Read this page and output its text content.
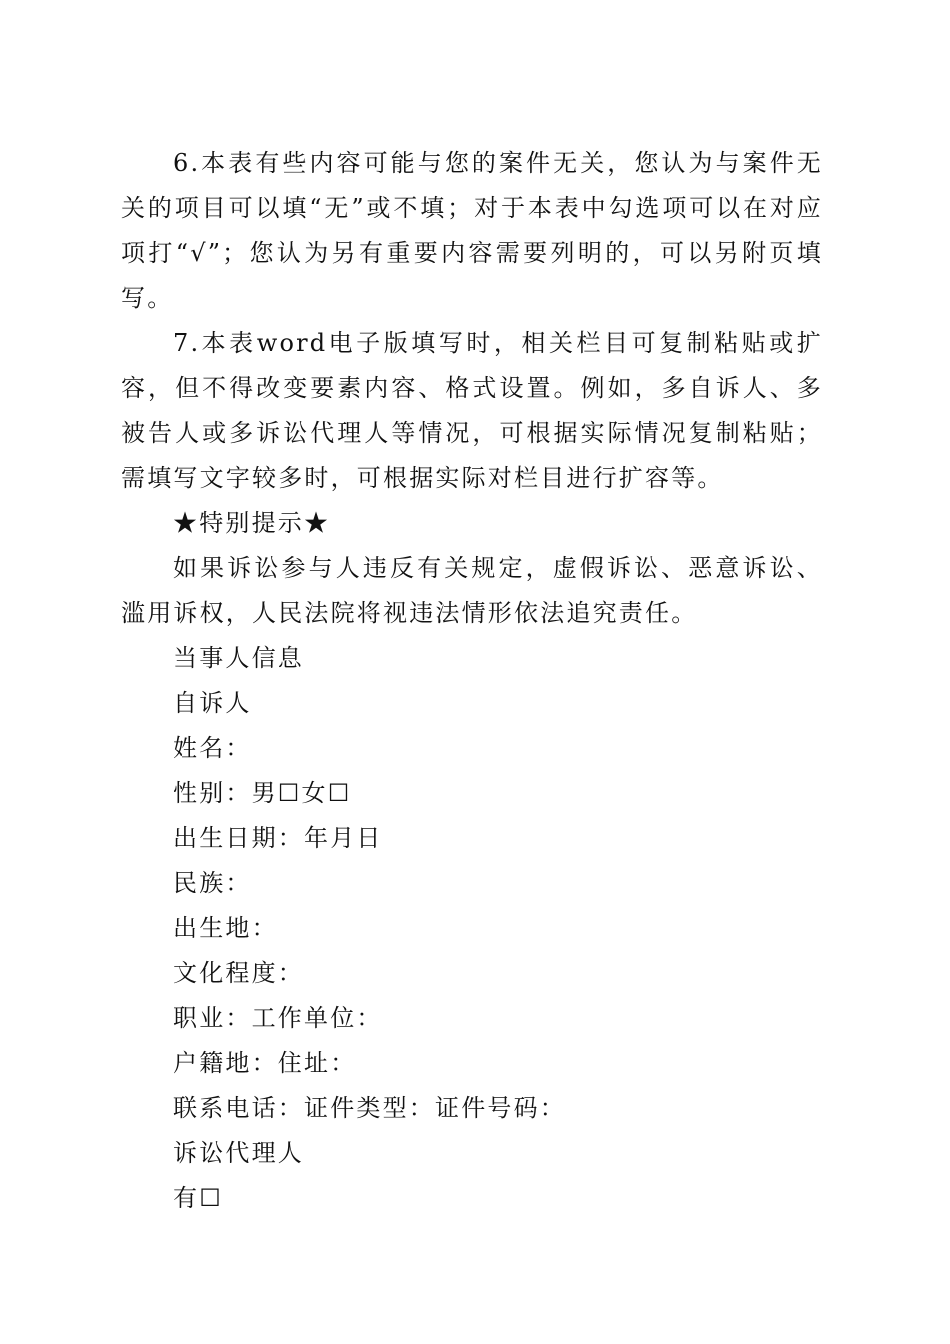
6.本表有些内容可能与您的案件无关，您认为与案件无关的项目可以填“无”或不填；对于本表中勾选项可以在对应项打“√”；您认为另有重要内容需要列明的，可以另附页填写。

7.本表word电子版填写时，相关栏目可复制粘贴或扩容，但不得改变要素内容、格式设置。例如，多自诉人、多被告人或多诉讼代理人等情况，可根据实际情况复制粘贴；需填写文字较多时，可根据实际对栏目进行扩容等。

★特别提示★

如果诉讼参与人违反有关规定，虚假诉讼、恶意诉讼、滥用诉权，人民法院将视违法情形依法追究责任。

当事人信息

自诉人

姓名：

性别：男☐女☐

出生日期：年月日

民族：

出生地：

文化程度：

职业：工作单位：

户籍地：住址：

联系电话：证件类型：证件号码：

诉讼代理人

有☐
